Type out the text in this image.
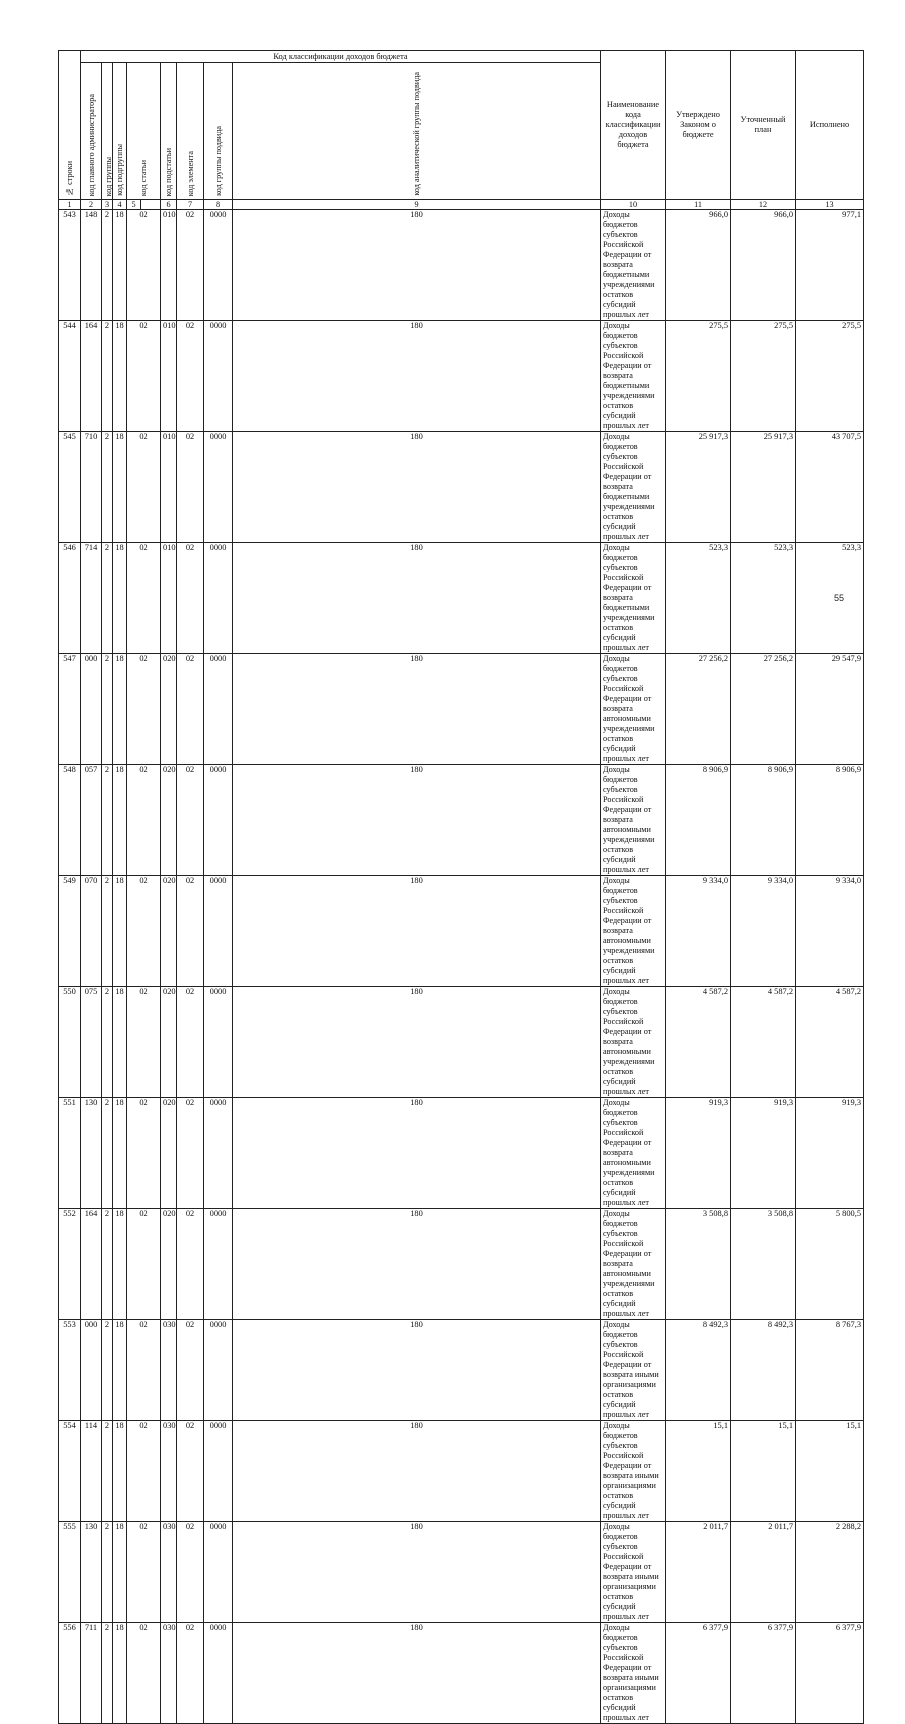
№ строки	Код классификации доходов бюджета									Наименование кода классификации доходов бюджета	Утверждено Законом о бюджете	Уточненный план	Исполнено	
	код главного администратора	код группы	код подгруппы	код статьи		код подстатьи	код элемента	код группы подвида	код аналитической группы подвида					
1	2	3	4	5		6	7	8	9	10	11	12	13	
543	148	2	18	02		010	02	0000	180	Доходы бюджетов субъектов Российской Федерации от возврата бюджетными учреждениями остатков субсидий прошлых лет	966,0	966,0	977,1	
544	164	2	18	02		010	02	0000	180	Доходы бюджетов субъектов Российской Федерации от возврата бюджетными учреждениями остатков субсидий прошлых лет	275,5	275,5	275,5	
545	710	2	18	02		010	02	0000	180	Доходы бюджетов субъектов Российской Федерации от возврата бюджетными учреждениями остатков субсидий прошлых лет	25 917,3	25 917,3	43 707,5	
546	714	2	18	02		010	02	0000	180	Доходы бюджетов субъектов Российской Федерации от возврата бюджетными учреждениями остатков субсидий прошлых лет	523,3	523,3	523,3	
547	000	2	18	02		020	02	0000	180	Доходы бюджетов субъектов Российской Федерации от возврата автономными учреждениями остатков субсидий прошлых лет	27 256,2	27 256,2	29 547,9	
548	057	2	18	02		020	02	0000	180	Доходы бюджетов субъектов Российской Федерации от возврата автономными учреждениями остатков субсидий прошлых лет	8 906,9	8 906,9	8 906,9	
549	070	2	18	02		020	02	0000	180	Доходы бюджетов субъектов Российской Федерации от возврата автономными учреждениями остатков субсидий прошлых лет	9 334,0	9 334,0	9 334,0	
550	075	2	18	02		020	02	0000	180	Доходы бюджетов субъектов Российской Федерации от возврата автономными учреждениями остатков субсидий прошлых лет	4 587,2	4 587,2	4 587,2	
551	130	2	18	02		020	02	0000	180	Доходы бюджетов субъектов Российской Федерации от возврата автономными учреждениями остатков субсидий прошлых лет	919,3	919,3	919,3	
552	164	2	18	02		020	02	0000	180	Доходы бюджетов субъектов Российской Федерации от возврата автономными учреждениями остатков субсидий прошлых лет	3 508,8	3 508,8	5 800,5	
553	000	2	18	02		030	02	0000	180	Доходы бюджетов субъектов Российской Федерации от возврата иными организациями остатков субсидий прошлых лет	8 492,3	8 492,3	8 767,3	
554	114	2	18	02		030	02	0000	180	Доходы бюджетов субъектов Российской Федерации от возврата иными организациями остатков субсидий прошлых лет	15,1	15,1	15,1	
555	130	2	18	02		030	02	0000	180	Доходы бюджетов субъектов Российской Федерации от возврата иными организациями остатков субсидий прошлых лет	2 011,7	2 011,7	2 288,2	
556	711	2	18	02		030	02	0000	180	Доходы бюджетов субъектов Российской Федерации от возврата иными организациями остатков субсидий прошлых лет	6 377,9	6 377,9	6 377,9	
55
